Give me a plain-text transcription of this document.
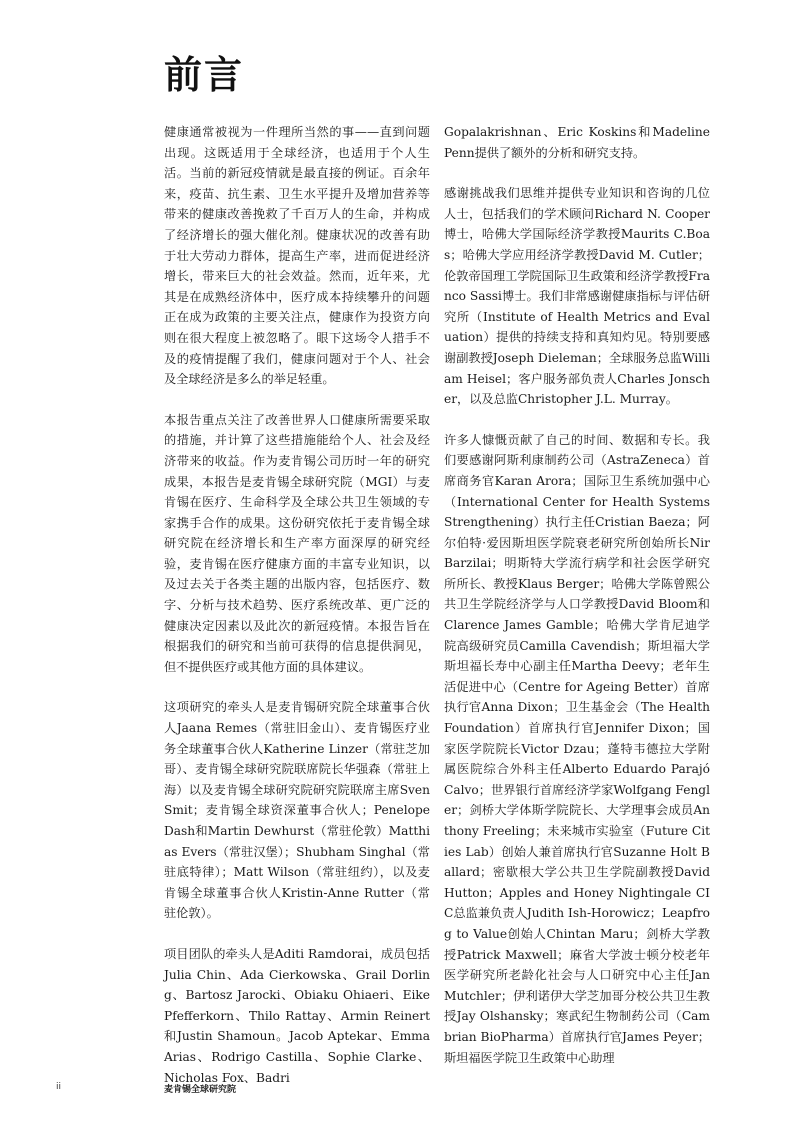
前言

健康通常被视为一件理所当然的事——直到问题出现。这既适用于全球经济，也适用于个人生活。当前的新冠疫情就是最直接的例证。百余年来，疫苗、抗生素、卫生水平提升及增加营养等带来的健康改善挽救了千百万人的生命，并构成了经济增长的强大催化剂。健康状况的改善有助于壮大劳动力群体，提高生产率，进而促进经济增长，带来巨大的社会效益。然而，近年来，尤其是在成熟经济体中，医疗成本持续攀升的问题正在成为政策的主要关注点，健康作为投资方向则在很大程度上被忽略了。眼下这场令人措手不及的疫情提醒了我们，健康问题对于个人、社会及全球经济是多么的举足轻重。

本报告重点关注了改善世界人口健康所需要采取的措施，并计算了这些措施能给个人、社会及经济带来的收益。作为麦肯锡公司历时一年的研究成果，本报告是麦肯锡全球研究院（MGI）与麦肯锡在医疗、生命科学及全球公共卫生领域的专家携手合作的成果。这份研究依托于麦肯锡全球研究院在经济增长和生产率方面深厚的研究经验，麦肯锡在医疗健康方面的丰富专业知识，以及过去关于各类主题的出版内容，包括医疗、数字、分析与技术趋势、医疗系统改革、更广泛的健康决定因素以及此次的新冠疫情。本报告旨在根据我们的研究和当前可获得的信息提供洞见，但不提供医疗或其他方面的具体建议。

这项研究的牵头人是麦肯锡研究院全球董事合伙人Jaana Remes（常驻旧金山）、麦肯锡医疗业务全球董事合伙人Katherine Linzer（常驻芝加哥）、麦肯锡全球研究院联席院长华强森（常驻上海）以及麦肯锡全球研究院研究院联席主席Sven Smit；麦肯锡全球资深董事合伙人；Penelope Dash和Martin Dewhurst（常驻伦敦）Matthias Evers（常驻汉堡）；Shubham Singhal（常驻底特律）；Matt Wilson（常驻纽约），以及麦肯锡全球董事合伙人Kristin-Anne Rutter（常驻伦敦）。

项目团队的牵头人是Aditi Ramdorai，成员包括Julia Chin、Ada Cierkowska、Grail Dorling、Bartosz Jarocki、Obiaku Ohiaeri、Eike Pfefferkorn、Thilo Rattay、Armin Reinert和Justin Shamoun。Jacob Aptekar、Emma Arias、Rodrigo Castilla、Sophie Clarke、Nicholas Fox、Badri

Gopalakrishnan、Eric Koskins和Madeline Penn提供了额外的分析和研究支持。

感谢挑战我们思维并提供专业知识和咨询的几位人士，包括我们的学术顾问Richard N. Cooper博士，哈佛大学国际经济学教授Maurits C.Boas；哈佛大学应用经济学教授David M. Cutler；伦敦帝国理工学院国际卫生政策和经济学教授Franco Sassi博士。我们非常感谢健康指标与评估研究所（Institute of Health Metrics and Evaluation）提供的持续支持和真知灼见。特别要感谢副教授Joseph Dieleman；全球服务总监William Heisel；客户服务部负责人Charles Jonscher，以及总监Christopher J.L. Murray。

许多人慷慨贡献了自己的时间、数据和专长。我们要感谢阿斯利康制药公司（AstraZeneca）首席商务官Karan Arora；国际卫生系统加强中心（International Center for Health Systems Strengthening）执行主任Cristian Baeza；阿尔伯特·爱因斯坦医学院衰老研究所创始所长Nir Barzilai；明斯特大学流行病学和社会医学研究所所长、教授Klaus Berger；哈佛大学陈曾熙公共卫生学院经济学与人口学教授David Bloom和Clarence James Gamble；哈佛大学肯尼迪学院高级研究员Camilla Cavendish；斯坦福大学斯坦福长寿中心副主任Martha Deevy；老年生活促进中心（Centre for Ageing Better）首席执行官Anna Dixon；卫生基金会（The Health Foundation）首席执行官Jennifer Dixon；国家医学院院长Victor Dzau；蓬特韦德拉大学附属医院综合外科主任Alberto Eduardo Parajó Calvo；世界银行首席经济学家Wolfgang Fengler；剑桥大学体斯学院院长、大学理事会成员Anthony Freeling；未来城市实验室（Future Cities Lab）创始人兼首席执行官Suzanne Holt Ballard；密歇根大学公共卫生学院副教授David Hutton；Apples and Honey Nightingale CIC总监兼负责人Judith Ish-Horowicz；Leapfrog to Value创始人Chintan Maru；剑桥大学教授Patrick Maxwell；麻省大学波士顿分校老年医学研究所老龄化社会与人口研究中心主任Jan Mutchler；伊利诺伊大学芝加哥分校公共卫生教授Jay Olshansky；寒武纪生物制药公司（Cambrian BioPharma）首席执行官James Peyer；斯坦福医学院卫生政策中心助理

ii	麦肯锡全球研究院
